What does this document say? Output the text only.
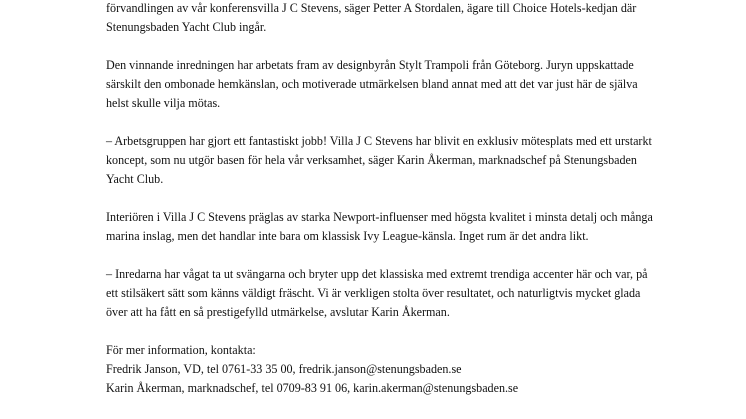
förvandlingen av vår konferensvilla J C Stevens, säger Petter A Stordalen, ägare till Choice Hotels-kedjan där
Stenungsbaden Yacht Club ingår.

Den vinnande inredningen har arbetats fram av designbyrån Stylt Trampoli från Göteborg. Juryn uppskattade
särskilt den ombonade hemkänslan, och motiverade utmärkelsen bland annat med att det var just här de själva
helst skulle vilja mötas.

– Arbetsgruppen har gjort ett fantastiskt jobb! Villa J C Stevens har blivit en exklusiv mötesplats med ett urstarkt
koncept, som nu utgör basen för hela vår verksamhet, säger Karin Åkerman, marknadschef på Stenungsbaden
Yacht Club.

Interiören i Villa J C Stevens präglas av starka Newport-influenser med högsta kvalitet i minsta detalj och många
marina inslag, men det handlar inte bara om klassisk Ivy League-känsla. Inget rum är det andra likt.

– Inredarna har vågat ta ut svängarna och bryter upp det klassiska med extremt trendiga accenter här och var, på
ett stilsäkert sätt som känns väldigt fräscht. Vi är verkligen stolta över resultatet, och naturligtvis mycket glada
över att ha fått en så prestigefylld utmärkelse, avslutar Karin Åkerman.

För mer information, kontakta:
Fredrik Janson, VD, tel 0761-33 35 00, fredrik.janson@stenungsbaden.se
Karin Åkerman, marknadschef, tel 0709-83 91 06, karin.akerman@stenungsbaden.se
